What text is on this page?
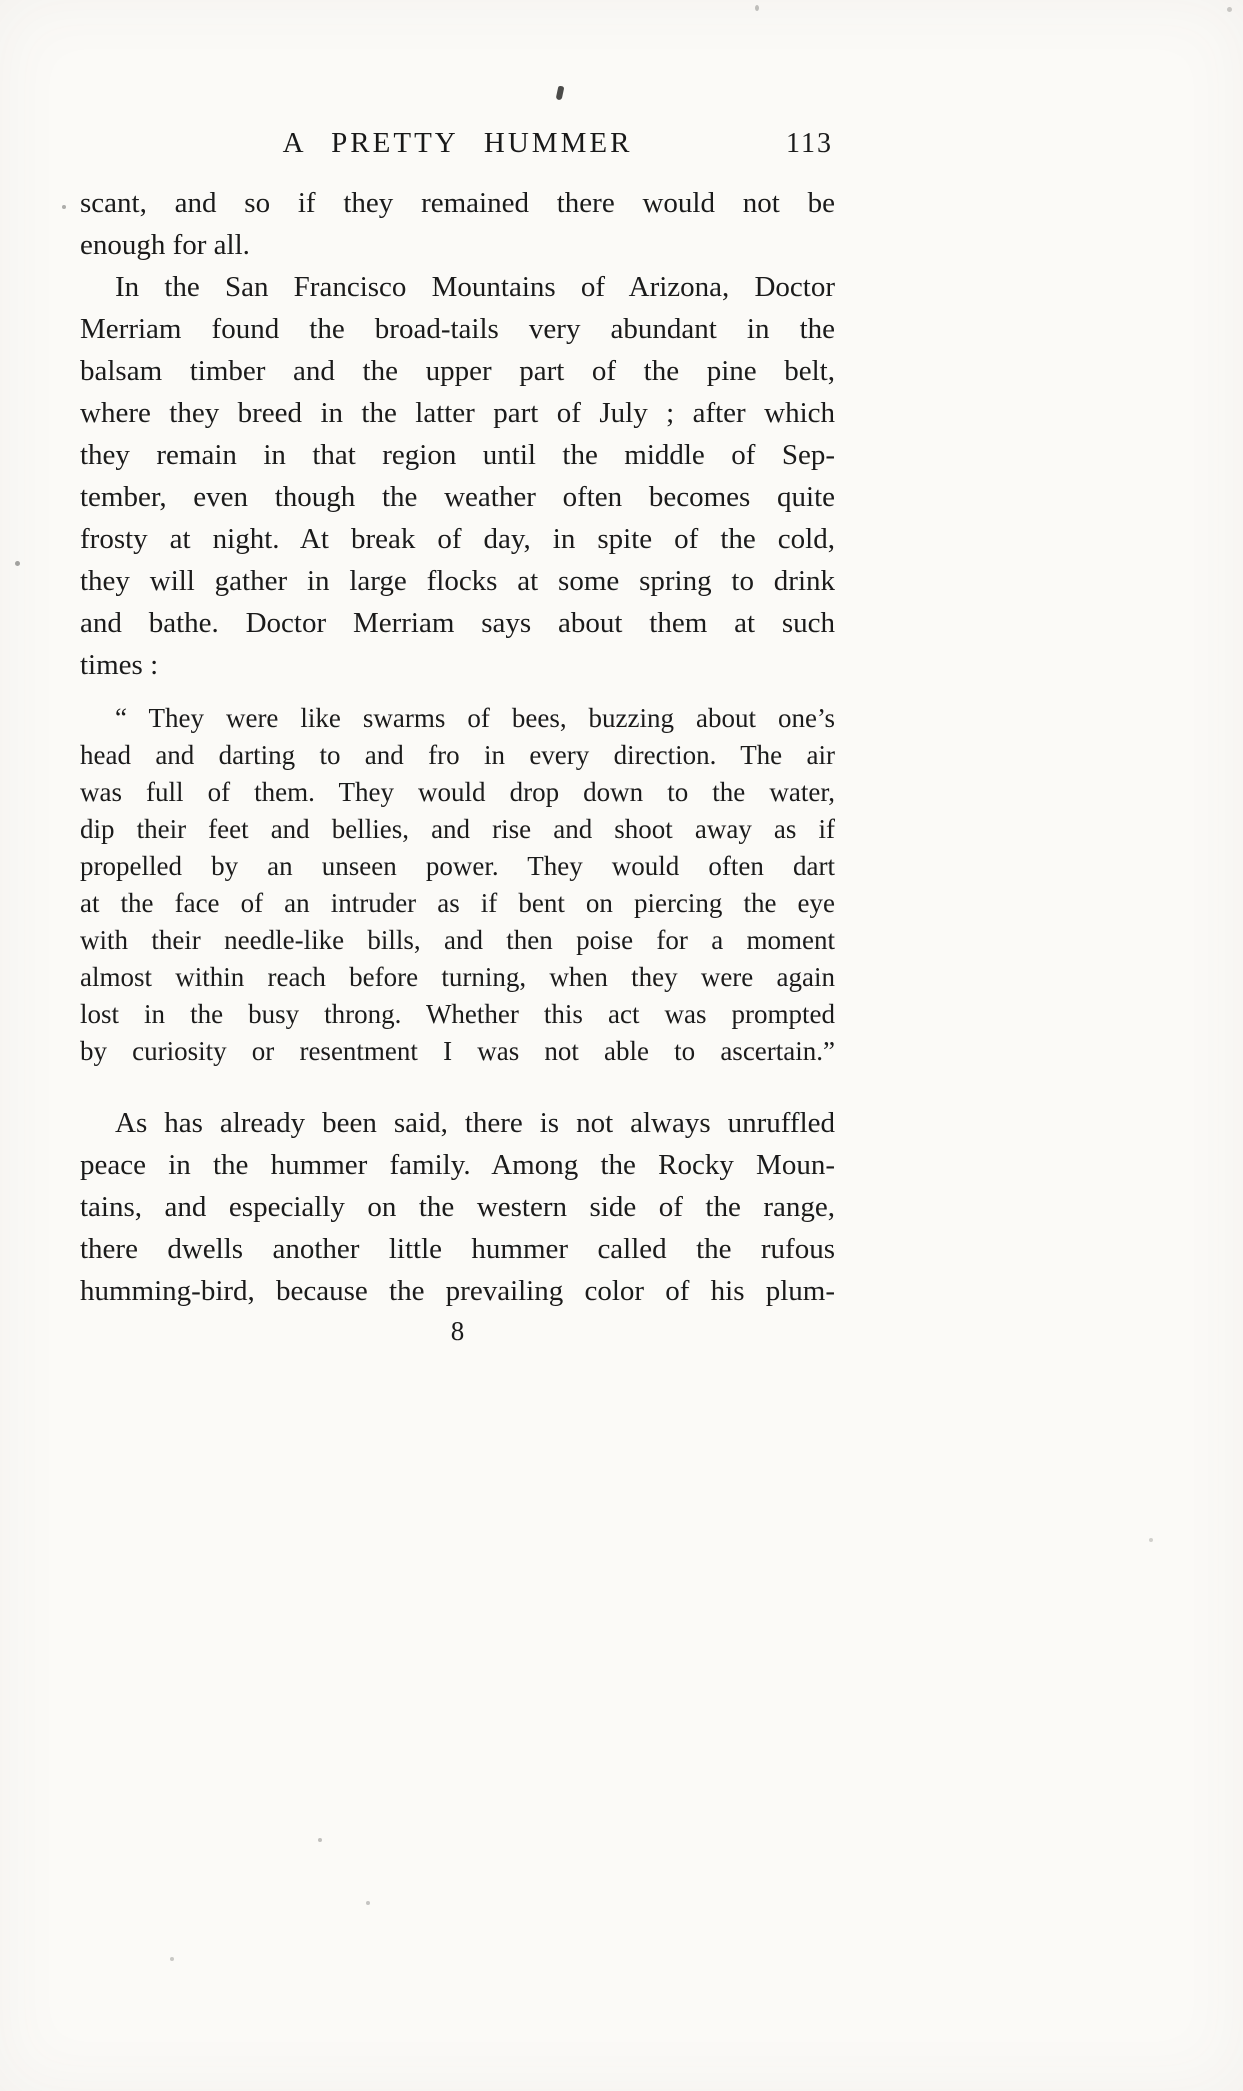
A PRETTY HUMMER	113
scant, and so if they remained there would not be
enough for all.
In the San Francisco Mountains of Arizona, Doctor
Merriam found the broad-tails very abundant in the
balsam timber and the upper part of the pine belt,
where they breed in the latter part of July ; after which
they remain in that region until the middle of Sep-
tember, even though the weather often becomes quite
frosty at night. At break of day, in spite of the cold,
they will gather in large flocks at some spring to drink
and bathe. Doctor Merriam says about them at such
times :
“ They were like swarms of bees, buzzing about one’s
head and darting to and fro in every direction. The air
was full of them. They would drop down to the water,
dip their feet and bellies, and rise and shoot away as if
propelled by an unseen power. They would often dart
at the face of an intruder as if bent on piercing the eye
with their needle-like bills, and then poise for a moment
almost within reach before turning, when they were again
lost in the busy throng. Whether this act was prompted
by curiosity or resentment I was not able to ascertain.”
As has already been said, there is not always unruffled
peace in the hummer family. Among the Rocky Moun-
tains, and especially on the western side of the range,
there dwells another little hummer called the rufous
humming-bird, because the prevailing color of his plum-
8
